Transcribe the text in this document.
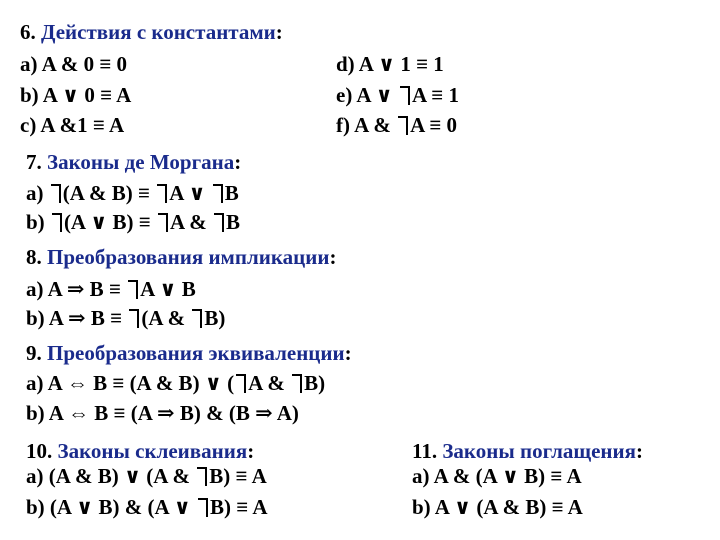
6. Действия с константами:
a) A & 0 ≡ 0
b) A ∨ 0 ≡ A
c) A &1 ≡ A
d) A ∨ 1 ≡ 1
e) A ∨ A ≡ 1
f) A & A ≡ 0
7. Законы де Моргана:
a) (A & B) ≡ A ∨ B
b) (A ∨ B) ≡ A & B
8. Преобразования импликации:
a) A ⇒ B ≡ A ∨ B
b) A ⇒ B ≡ (A & B)
9. Преобразования эквиваленции:
a) A ⇔ B ≡ (A & B) ∨ ( A & B)
b) A ⇔ B ≡ (A ⇒ B) & (B ⇒ A)
10. Законы склеивания:
a) (A & B) ∨ (A & B) ≡ A
b) (A ∨ B) & (A ∨ B) ≡ A
11. Законы поглащения:
a) A & (A ∨ B) ≡ A
b) A ∨ (A & B) ≡ A
